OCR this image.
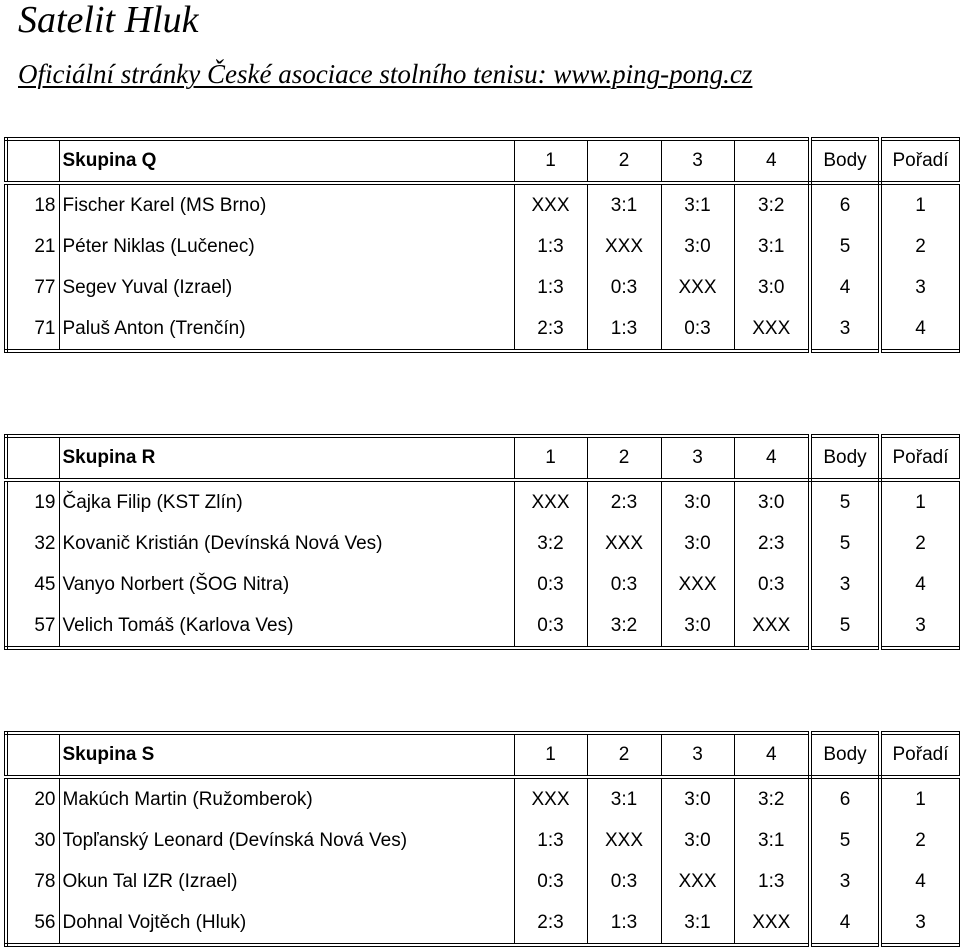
Satelit Hluk
Oficiální stránky České asociace stolního tenisu: www.ping-pong.cz
	Skupina Q	1	2	3	4	Body	Pořadí
18	Fischer Karel (MS Brno)	XXX	3:1	3:1	3:2	6	1
21	Péter Niklas (Lučenec)	1:3	XXX	3:0	3:1	5	2
77	Segev Yuval (Izrael)	1:3	0:3	XXX	3:0	4	3
71	Paluš Anton (Trenčín)	2:3	1:3	0:3	XXX	3	4
	Skupina R	1	2	3	4	Body	Pořadí
19	Čajka Filip (KST Zlín)	XXX	2:3	3:0	3:0	5	1
32	Kovanič Kristián (Devínská Nová Ves)	3:2	XXX	3:0	2:3	5	2
45	Vanyo Norbert (ŠOG Nitra)	0:3	0:3	XXX	0:3	3	4
57	Velich Tomáš (Karlova Ves)	0:3	3:2	3:0	XXX	5	3
	Skupina S	1	2	3	4	Body	Pořadí
20	Makúch Martin (Ružomberok)	XXX	3:1	3:0	3:2	6	1
30	Topľanský Leonard (Devínská Nová Ves)	1:3	XXX	3:0	3:1	5	2
78	Okun Tal IZR (Izrael)	0:3	0:3	XXX	1:3	3	4
56	Dohnal Vojtěch (Hluk)	2:3	1:3	3:1	XXX	4	3
